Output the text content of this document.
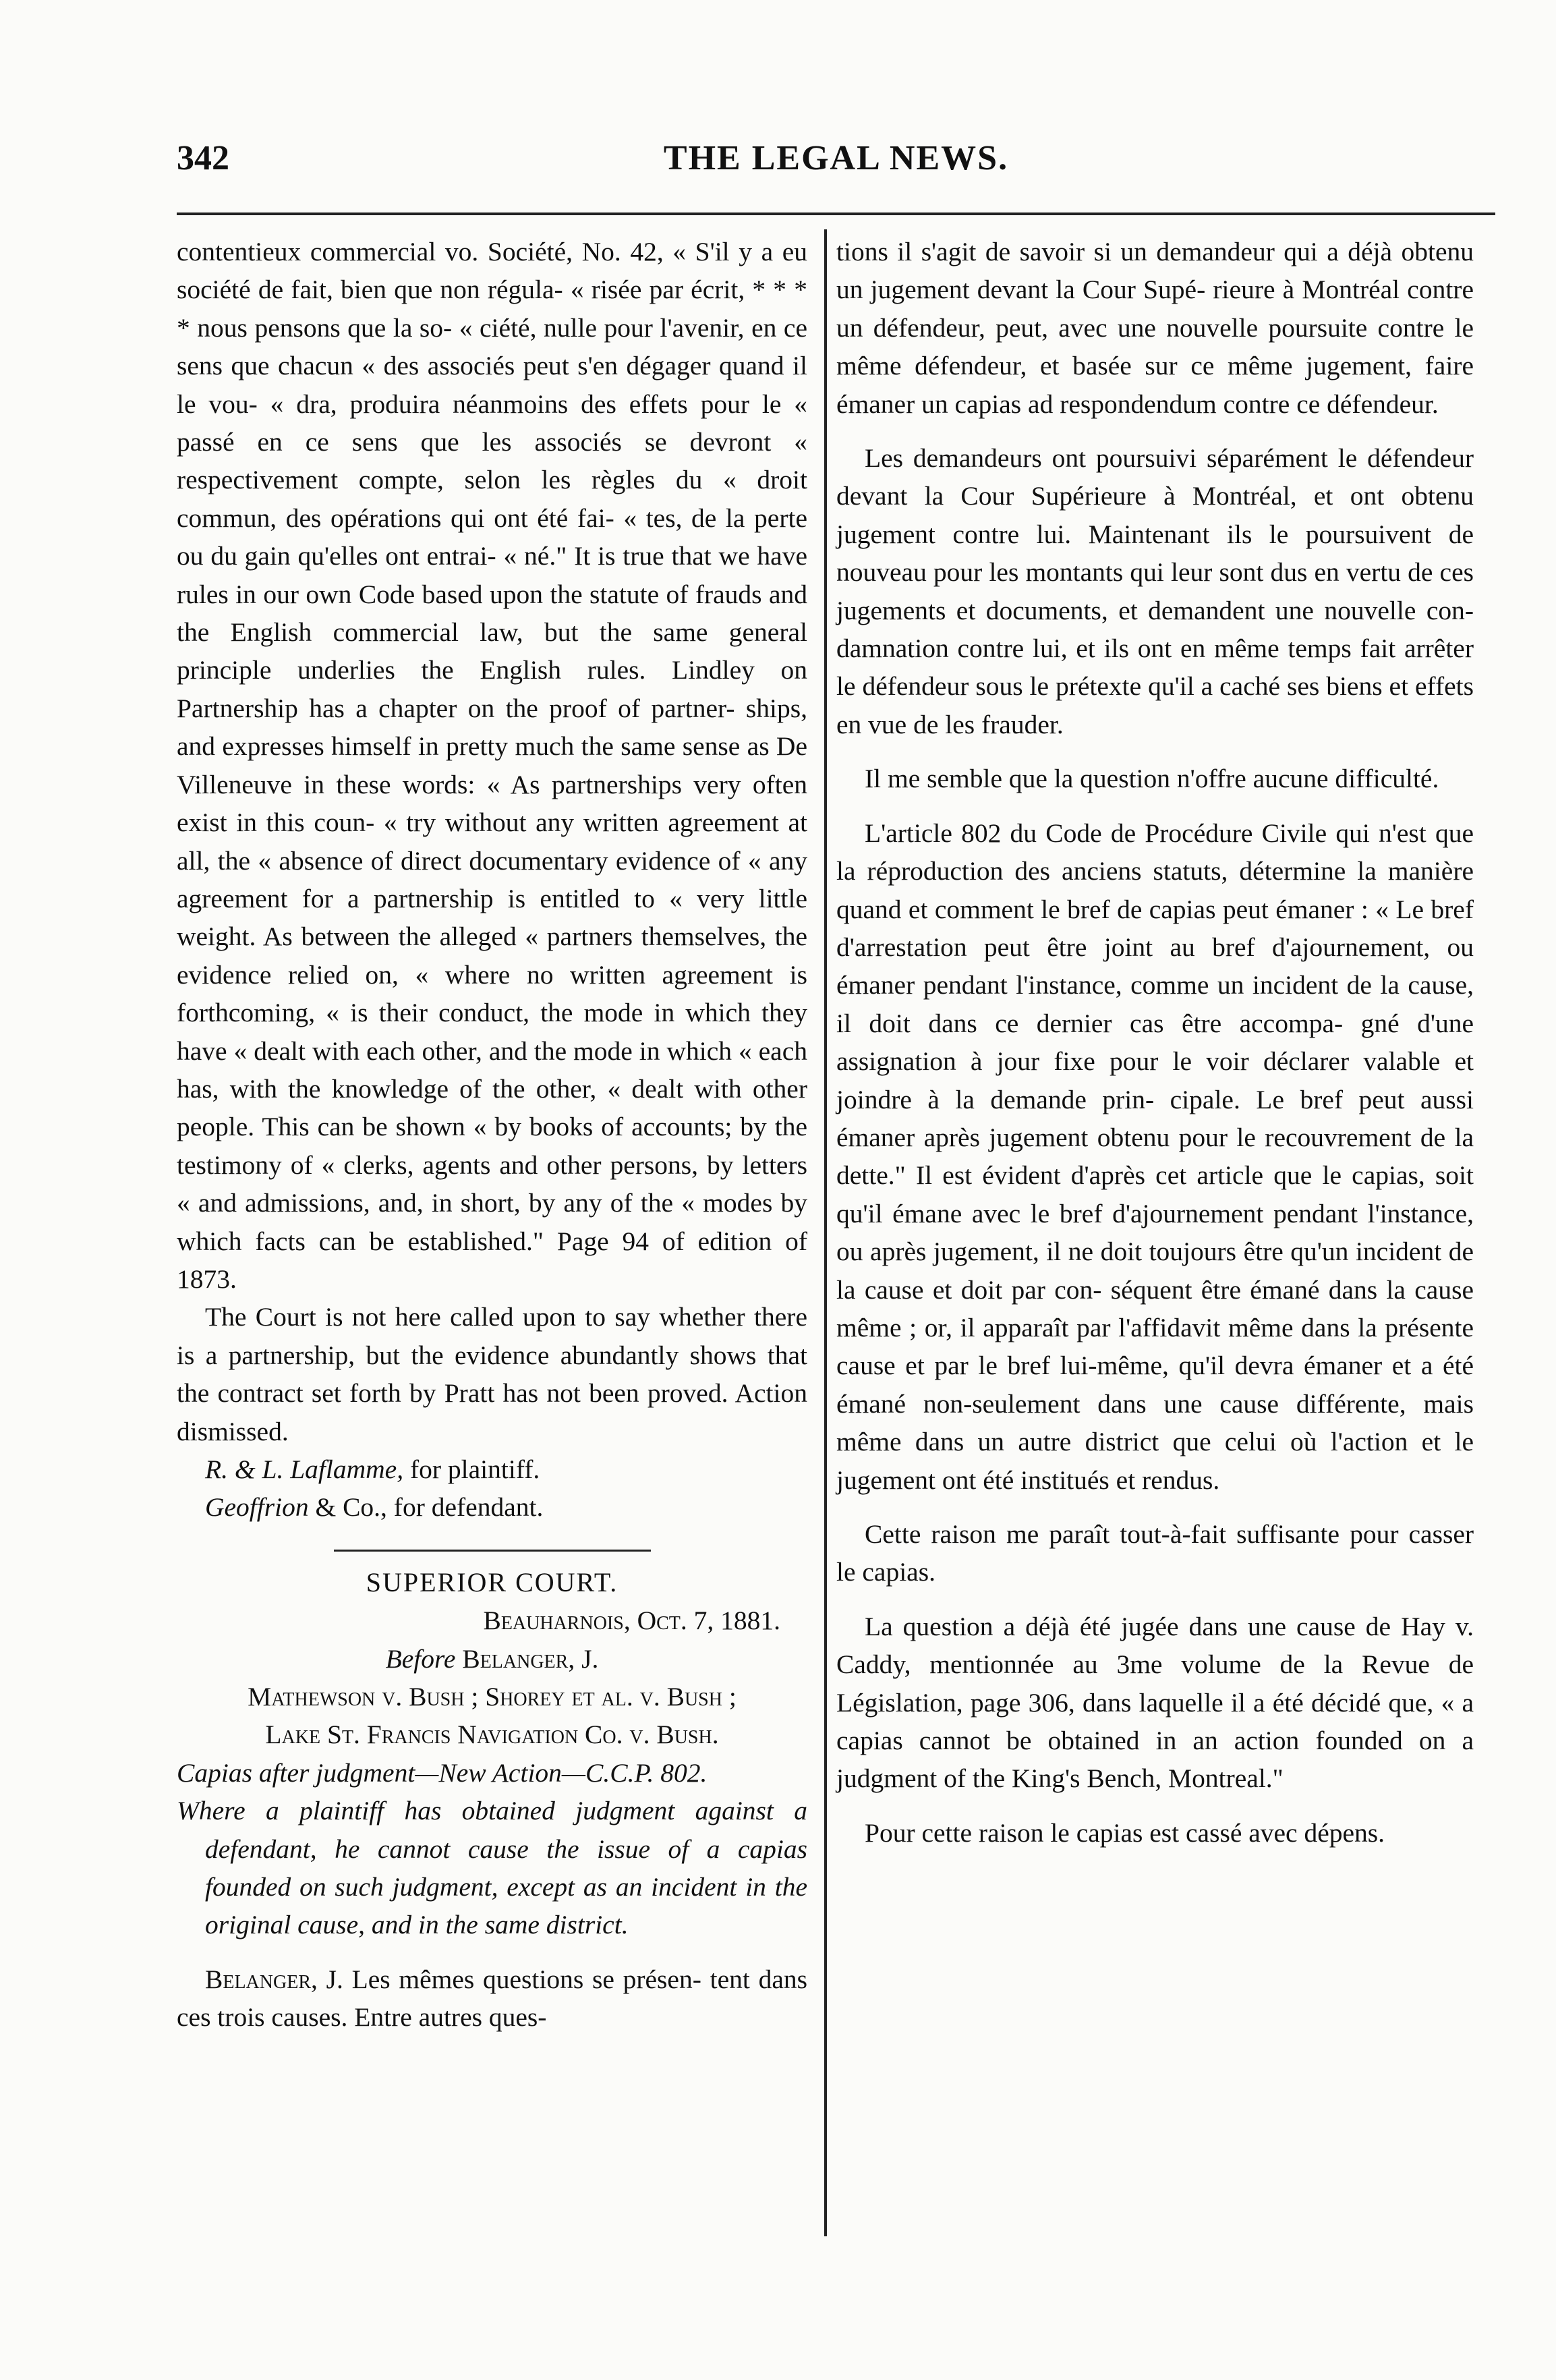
342	THE LEGAL NEWS.

contentieux commercial vo. Société, No. 42, « S'il y a eu société de fait, bien que non régula- « risée par écrit, * * * * nous pensons que la so- « ciété, nulle pour l'avenir, en ce sens que chacun « des associés peut s'en dégager quand il le vou- « dra, produira néanmoins des effets pour le « passé en ce sens que les associés se devront « respectivement compte, selon les règles du « droit commun, des opérations qui ont été fai- « tes, de la perte ou du gain qu'elles ont entrai- « né." It is true that we have rules in our own Code based upon the statute of frauds and the English commercial law, but the same general principle underlies the English rules. Lindley on Partnership has a chapter on the proof of partner- ships, and expresses himself in pretty much the same sense as De Villeneuve in these words: « As partnerships very often exist in this coun- « try without any written agreement at all, the « absence of direct documentary evidence of « any agreement for a partnership is entitled to « very little weight. As between the alleged « partners themselves, the evidence relied on, « where no written agreement is forthcoming, « is their conduct, the mode in which they have « dealt with each other, and the mode in which « each has, with the knowledge of the other, « dealt with other people. This can be shown « by books of accounts; by the testimony of « clerks, agents and other persons, by letters « and admissions, and, in short, by any of the « modes by which facts can be established." Page 94 of edition of 1873.

The Court is not here called upon to say whether there is a partnership, but the evidence abundantly shows that the contract set forth by Pratt has not been proved. Action dismissed.

R. & L. Laflamme, for plaintiff.

Geoffrion & Co., for defendant.

SUPERIOR COURT.

Beauharnois, Oct. 7, 1881.

Before Belanger, J.

Mathewson v. Bush ; Shorey et al. v. Bush ;

Lake St. Francis Navigation Co. v. Bush.

Capias after judgment—New Action—C.C.P. 802.

Where a plaintiff has obtained judgment against a defendant, he cannot cause the issue of a capias founded on such judgment, except as an incident in the original cause, and in the same district.

Belanger, J. Les mêmes questions se présen- tent dans ces trois causes. Entre autres ques-

tions il s'agit de savoir si un demandeur qui a déjà obtenu un jugement devant la Cour Supé- rieure à Montréal contre un défendeur, peut, avec une nouvelle poursuite contre le même défendeur, et basée sur ce même jugement, faire émaner un capias ad respondendum contre ce défendeur.

Les demandeurs ont poursuivi séparément le défendeur devant la Cour Supérieure à Montréal, et ont obtenu jugement contre lui. Maintenant ils le poursuivent de nouveau pour les montants qui leur sont dus en vertu de ces jugements et documents, et demandent une nouvelle con- damnation contre lui, et ils ont en même temps fait arrêter le défendeur sous le prétexte qu'il a caché ses biens et effets en vue de les frauder.

Il me semble que la question n'offre aucune difficulté.

L'article 802 du Code de Procédure Civile qui n'est que la réproduction des anciens statuts, détermine la manière quand et comment le bref de capias peut émaner : « Le bref d'arrestation peut être joint au bref d'ajournement, ou émaner pendant l'instance, comme un incident de la cause, il doit dans ce dernier cas être accompa- gné d'une assignation à jour fixe pour le voir déclarer valable et joindre à la demande prin- cipale. Le bref peut aussi émaner après jugement obtenu pour le recouvrement de la dette." Il est évident d'après cet article que le capias, soit qu'il émane avec le bref d'ajournement pendant l'instance, ou après jugement, il ne doit toujours être qu'un incident de la cause et doit par con- séquent être émané dans la cause même ; or, il apparaît par l'affidavit même dans la présente cause et par le bref lui-même, qu'il devra émaner et a été émané non-seulement dans une cause différente, mais même dans un autre district que celui où l'action et le jugement ont été institués et rendus.

Cette raison me paraît tout-à-fait suffisante pour casser le capias.

La question a déjà été jugée dans une cause de Hay v. Caddy, mentionnée au 3me volume de la Revue de Législation, page 306, dans laquelle il a été décidé que, « a capias cannot be obtained in an action founded on a judgment of the King's Bench, Montreal."

Pour cette raison le capias est cassé avec dépens.
